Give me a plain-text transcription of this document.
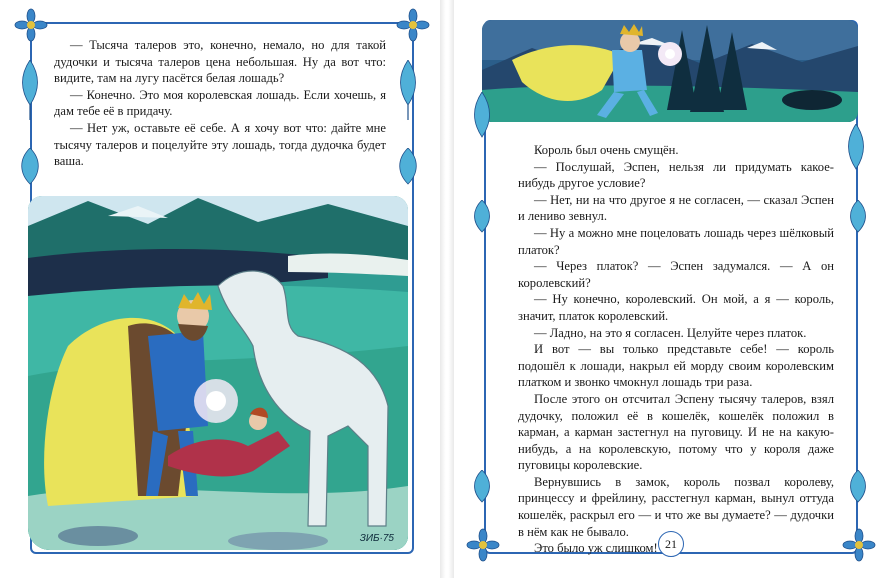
— Тысяча талеров это, конечно, немало, но для такой дудочки и тысяча талеров цена небольшая. Ну да вот что: видите, там на лугу пасётся белая лошадь?

— Конечно. Это моя королевская лошадь. Если хочешь, я дам тебе её в придачу.

— Нет уж, оставьте её себе. А я хочу вот что: дайте мне тысячу талеров и поцелуйте эту лошадь, тогда дудочка будет ваша.

ЗИБ·75

Король был очень смущён.

— Послушай, Эспен, нельзя ли придумать какое-нибудь другое условие?

— Нет, ни на что другое я не согласен, — сказал Эспен и лениво зевнул.

— Ну а можно мне поцеловать лошадь через шёлковый платок?

— Через платок? — Эспен задумался. — А он королевский?

— Ну конечно, королевский. Он мой, а я — король, значит, платок королевский.

— Ладно, на это я согласен. Целуйте через платок.

И вот — вы только представьте себе! — король подошёл к лошади, накрыл ей морду своим королевским платком и звонко чмокнул лошадь три раза.

После этого он отсчитал Эспену тысячу талеров, взял дудочку, положил её в кошелёк, кошелёк положил в карман, а карман застегнул на пуговицу. И не на какую-нибудь, а на королевскую, потому что у короля даже пуговицы королевские.

Вернувшись в замок, король позвал королеву, принцессу и фрейлину, расстегнул карман, вынул оттуда кошелёк, раскрыл его — и что же вы думаете? — дудочки в нём как не бывало.

Это было уж слишком! 21
